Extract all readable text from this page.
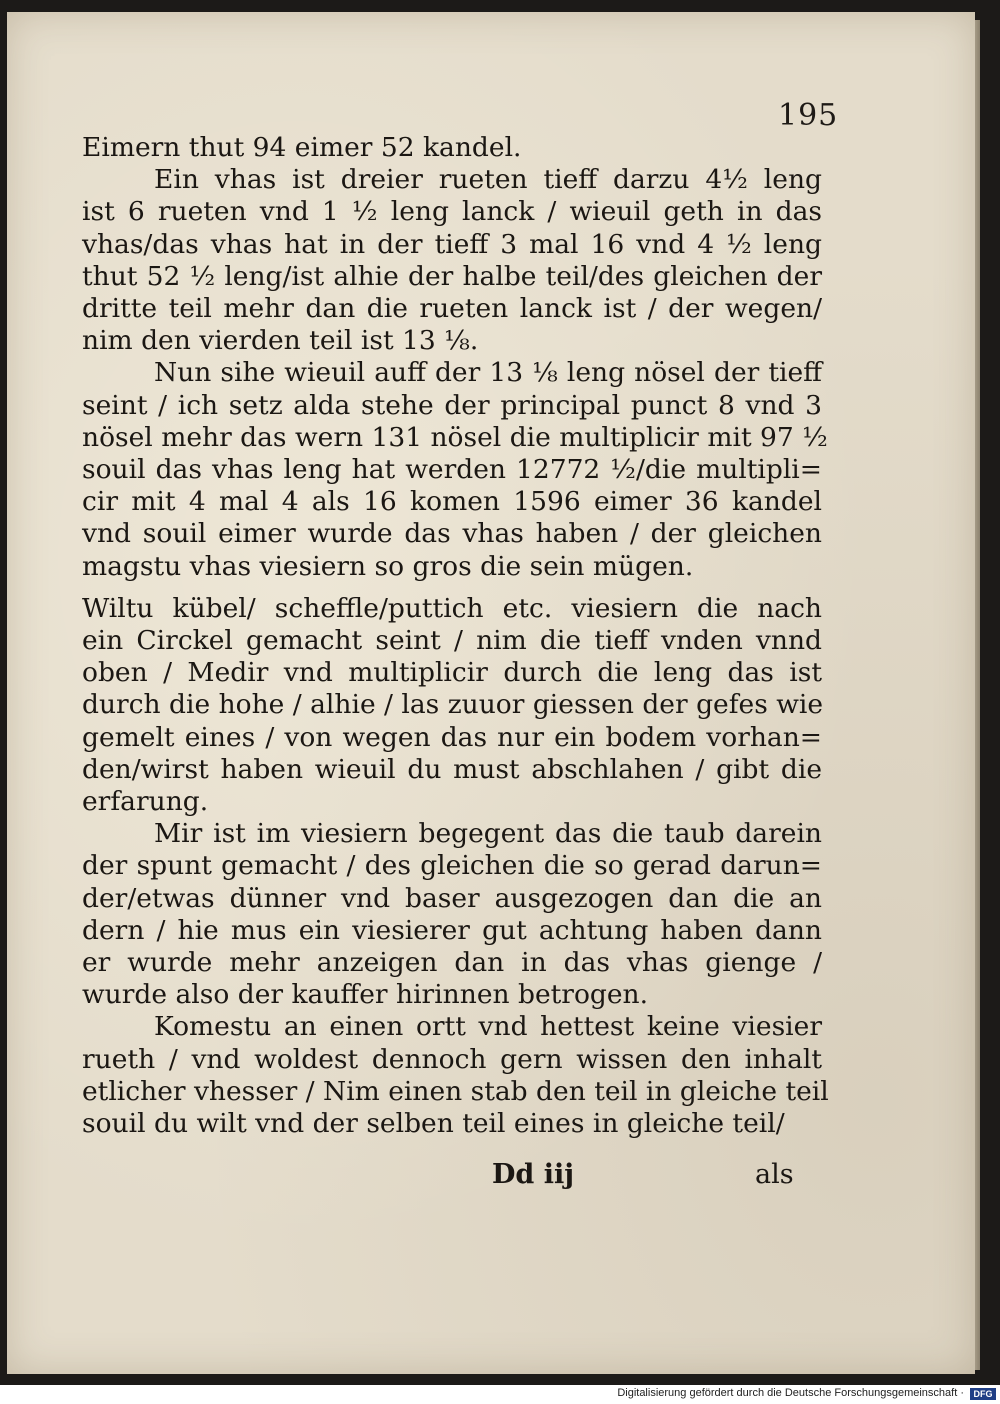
195
Eimern thut 94 eimer 52 kandel.
Ein vhas ist dreier rueten tieff darzu 4½ leng
ist 6 rueten vnd 1 ½ leng lanck / wieuil geth in das
vhas/das vhas hat in der tieff 3 mal 16 vnd 4 ½ leng
thut 52 ½ leng/ist alhie der halbe teil/des gleichen der
dritte teil mehr dan die rueten lanck ist / der wegen/
nim den vierden teil ist 13 ⅛.
Nun sihe wieuil auff der 13 ⅛ leng nösel der tieff
seint / ich setz alda stehe der principal punct 8 vnd 3
nösel mehr das wern 131 nösel die multiplicir mit 97 ½
souil das vhas leng hat werden 12772 ½/die multipli=
cir mit 4 mal 4 als 16 komen 1596 eimer 36 kandel
vnd souil eimer wurde das vhas haben / der gleichen
magstu vhas viesiern so gros die sein mügen.
Wiltu kübel/ scheffle/puttich etc. viesiern die nach
ein Circkel gemacht seint / nim die tieff vnden vnnd
oben / Medir vnd multiplicir durch die leng das ist
durch die hohe / alhie / las zuuor giessen der gefes wie
gemelt eines / von wegen das nur ein bodem vorhan=
den/wirst haben wieuil du must abschlahen / gibt die
erfarung.
Mir ist im viesiern begegent das die taub darein
der spunt gemacht / des gleichen die so gerad darun=
der/etwas dünner vnd baser ausgezogen dan die an
dern / hie mus ein viesierer gut achtung haben dann
er wurde mehr anzeigen dan in das vhas gienge /
wurde also der kauffer hirinnen betrogen.
Komestu an einen ortt vnd hettest keine viesier
rueth / vnd woldest dennoch gern wissen den inhalt
etlicher vhesser / Nim einen stab den teil in gleiche teil
souil du wilt vnd der selben teil eines in gleiche teil/
Dd iij	als
Digitalisierung gefördert durch die Deutsche Forschungsgemeinschaft ·	DFG
